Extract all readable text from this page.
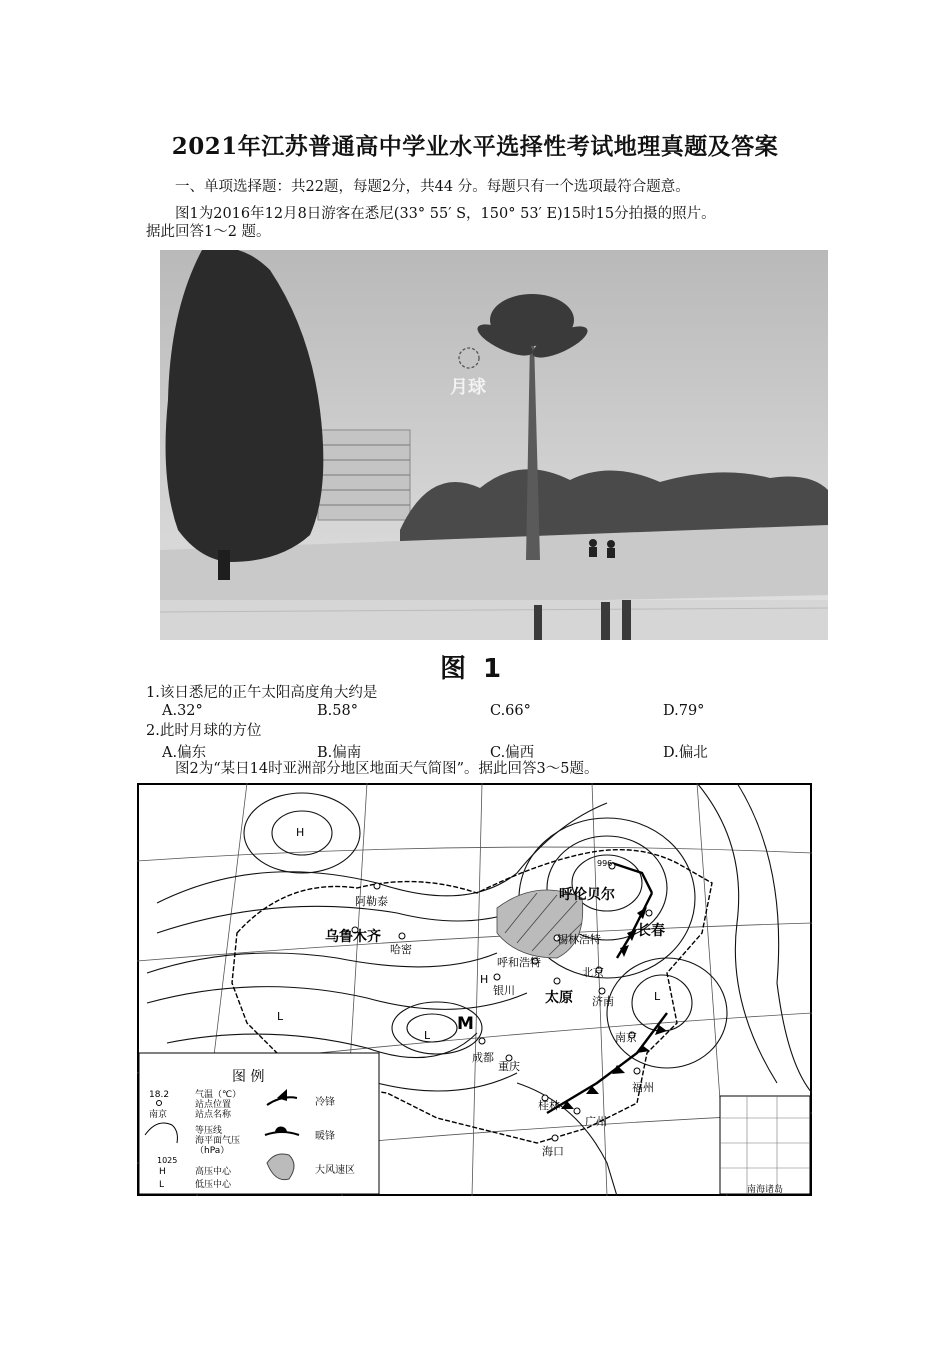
2021年江苏普通高中学业水平选择性考试地理真题及答案
一、单项选择题：共22题，每题2分，共44 分。每题只有一个选项最符合题意。
图1为2016年12月8日游客在悉尼(33° 55′ S，150° 53′ E)15时15分拍摄的照片。
据此回答1～2 题。
月球
图 1
1.该日悉尼的正午太阳高度角大约是
A.32°	B.58°	C.66°	D.79°
2.此时月球的方位
A.偏东	B.偏南	C.偏西	D.偏北
图2为“某日14时亚洲部分地区地面天气简图”。据此回答3～5题。
南海诸岛
阿勒泰
乌鲁木齐
哈密
呼伦贝尔
锡林浩特
长春
呼和浩特
北京
银川 太原 济南
南京
成都
重庆
桂林
福州
广州
海口
H
H
L
L
L
M
996
图 例
18.2
南京
气温（℃）
站点位置
站点名称
1025
等压线
海平面气压
（hPa）
H	高压中心
L	低压中心
冷锋
暖锋
大风速区
